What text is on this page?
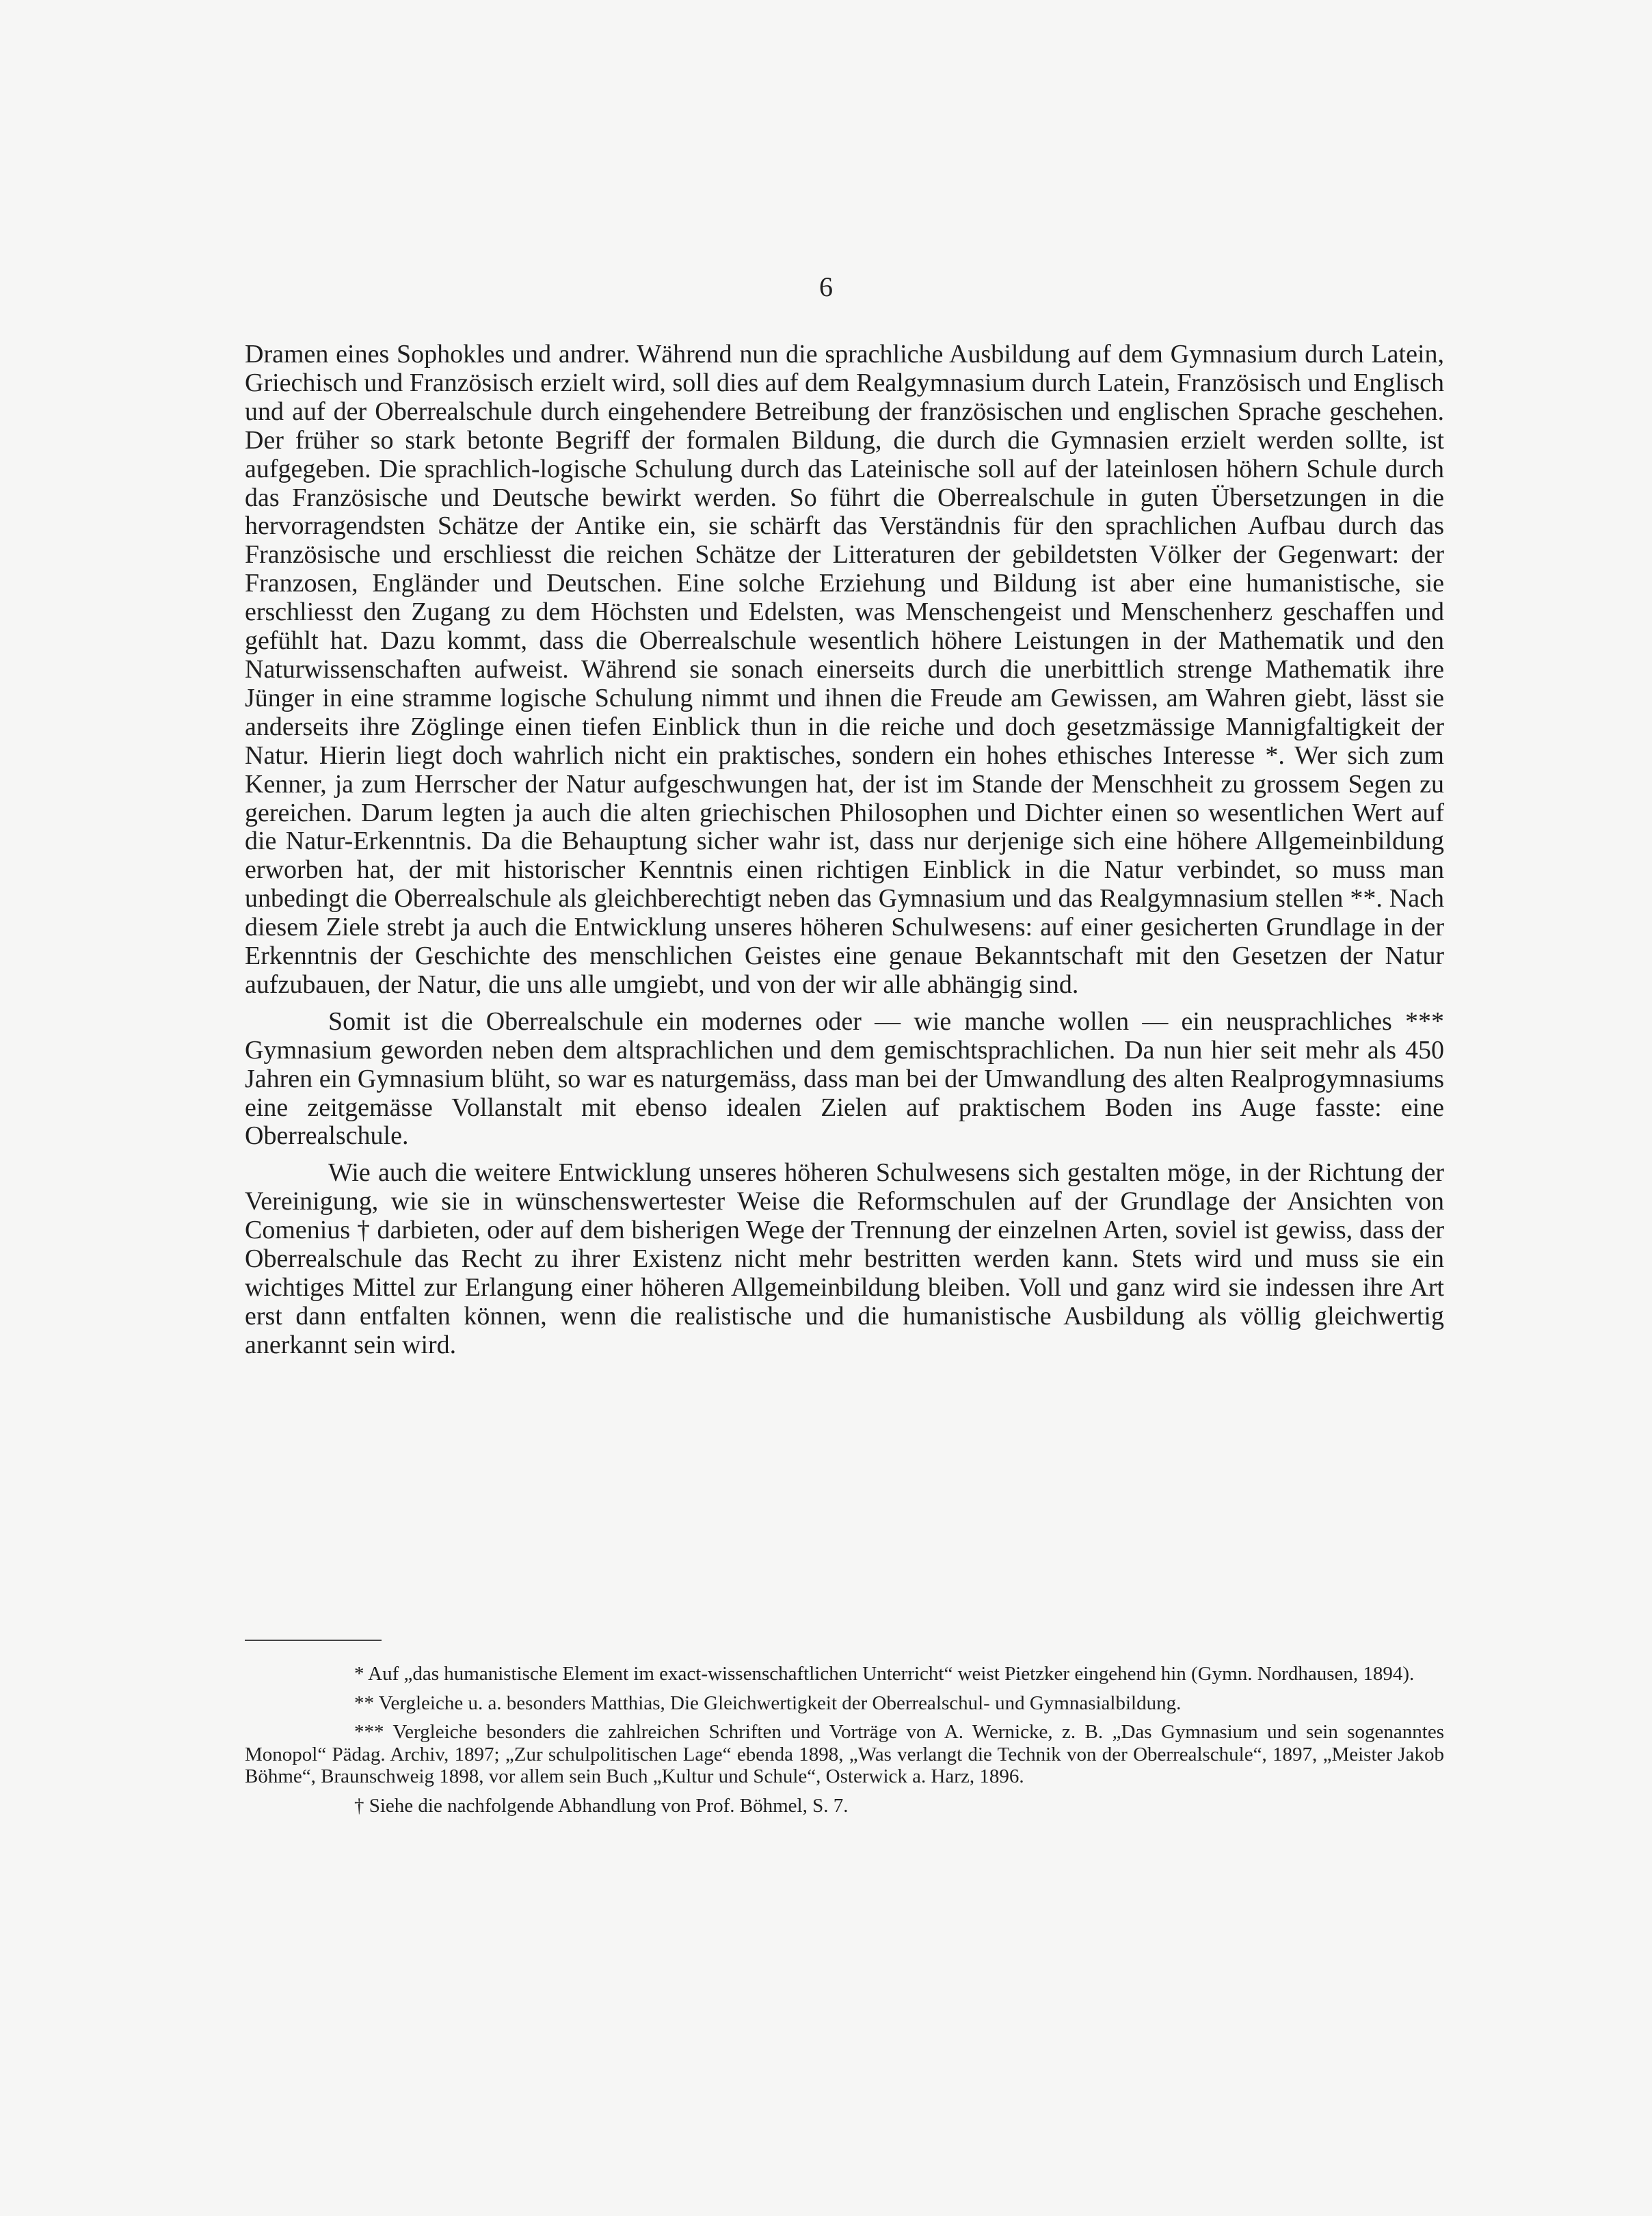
6

Dramen eines Sophokles und andrer. Während nun die sprachliche Ausbildung auf dem Gymnasium durch Latein, Griechisch und Französisch erzielt wird, soll dies auf dem Realgymnasium durch Latein, Französisch und Englisch und auf der Oberrealschule durch eingehendere Betreibung der französischen und englischen Sprache geschehen. Der früher so stark betonte Begriff der formalen Bildung, die durch die Gymnasien erzielt werden sollte, ist aufgegeben. Die sprachlich-logische Schulung durch das Lateinische soll auf der lateinlosen höhern Schule durch das Französische und Deutsche bewirkt werden. So führt die Oberrealschule in guten Übersetzungen in die hervorragendsten Schätze der Antike ein, sie schärft das Verständnis für den sprachlichen Aufbau durch das Französische und erschliesst die reichen Schätze der Litteraturen der gebildetsten Völker der Gegenwart: der Franzosen, Engländer und Deutschen. Eine solche Erziehung und Bildung ist aber eine humanistische, sie erschliesst den Zugang zu dem Höchsten und Edelsten, was Menschengeist und Menschenherz geschaffen und gefühlt hat. Dazu kommt, dass die Oberrealschule wesentlich höhere Leistungen in der Mathematik und den Naturwissenschaften aufweist. Während sie sonach einerseits durch die unerbittlich strenge Mathematik ihre Jünger in eine stramme logische Schulung nimmt und ihnen die Freude am Gewissen, am Wahren giebt, lässt sie anderseits ihre Zöglinge einen tiefen Einblick thun in die reiche und doch gesetzmässige Mannigfaltigkeit der Natur. Hierin liegt doch wahrlich nicht ein praktisches, sondern ein hohes ethisches Interesse *. Wer sich zum Kenner, ja zum Herrscher der Natur aufgeschwungen hat, der ist im Stande der Menschheit zu grossem Segen zu gereichen. Darum legten ja auch die alten griechischen Philosophen und Dichter einen so wesentlichen Wert auf die Natur-Erkenntnis. Da die Behauptung sicher wahr ist, dass nur derjenige sich eine höhere Allgemeinbildung erworben hat, der mit historischer Kenntnis einen richtigen Einblick in die Natur verbindet, so muss man unbedingt die Oberrealschule als gleichberechtigt neben das Gymnasium und das Realgymnasium stellen **. Nach diesem Ziele strebt ja auch die Entwicklung unseres höheren Schulwesens: auf einer gesicherten Grundlage in der Erkenntnis der Geschichte des menschlichen Geistes eine genaue Bekanntschaft mit den Gesetzen der Natur aufzubauen, der Natur, die uns alle umgiebt, und von der wir alle abhängig sind.

Somit ist die Oberrealschule ein modernes oder — wie manche wollen — ein neusprachliches *** Gymnasium geworden neben dem altsprachlichen und dem gemischtsprachlichen. Da nun hier seit mehr als 450 Jahren ein Gymnasium blüht, so war es naturgemäss, dass man bei der Umwandlung des alten Realprogymnasiums eine zeitgemässe Vollanstalt mit ebenso idealen Zielen auf praktischem Boden ins Auge fasste: eine Oberrealschule.

Wie auch die weitere Entwicklung unseres höheren Schulwesens sich gestalten möge, in der Richtung der Vereinigung, wie sie in wünschenswertester Weise die Reformschulen auf der Grundlage der Ansichten von Comenius † darbieten, oder auf dem bisherigen Wege der Trennung der einzelnen Arten, soviel ist gewiss, dass der Oberrealschule das Recht zu ihrer Existenz nicht mehr bestritten werden kann. Stets wird und muss sie ein wichtiges Mittel zur Erlangung einer höheren Allgemeinbildung bleiben. Voll und ganz wird sie indessen ihre Art erst dann entfalten können, wenn die realistische und die humanistische Ausbildung als völlig gleichwertig anerkannt sein wird.

* Auf „das humanistische Element im exact-wissenschaftlichen Unterricht“ weist Pietzker eingehend hin (Gymn. Nordhausen, 1894).

** Vergleiche u. a. besonders Matthias, Die Gleichwertigkeit der Oberrealschul- und Gymnasialbildung.

*** Vergleiche besonders die zahlreichen Schriften und Vorträge von A. Wernicke, z. B. „Das Gymnasium und sein sogenanntes Monopol“ Pädag. Archiv, 1897; „Zur schulpolitischen Lage“ ebenda 1898, „Was verlangt die Technik von der Oberrealschule“, 1897, „Meister Jakob Böhme“, Braunschweig 1898, vor allem sein Buch „Kultur und Schule“, Osterwick a. Harz, 1896.

† Siehe die nachfolgende Abhandlung von Prof. Böhmel, S. 7.
